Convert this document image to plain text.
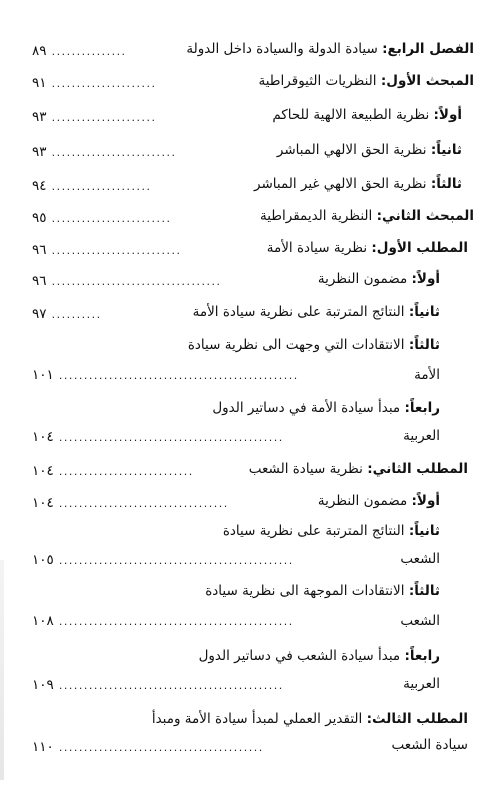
الفصل الرابع: سيادة الدولة والسيادة داخل الدولة
٨٩ ...............
المبحث الأول: النظريات الثيوقراطية
٩١ .....................
أولاً: نظرية الطبيعة الالهية للحاكم
٩٣ .....................
ثانياً: نظرية الحق الالهي المباشر
٩٣ .........................
ثالثاً: نظرية الحق الالهي غير المباشر
٩٤ ....................
المبحث الثاني: النظرية الديمقراطية
٩٥ ........................
المطلب الأول: نظرية سيادة الأمة
٩٦ ..........................
أولاً: مضمون النظرية
٩٦ ..................................
ثانياً: النتائج المترتبة على نظرية سيادة الأمة
٩٧ ..........
ثالثاً: الانتقادات التي وجهت الى نظرية سيادة
الأمة
١٠١ ................................................
رابعاً: مبدأ سيادة الأمة في دساتير الدول
العربية
١٠٤ .............................................
المطلب الثاني: نظرية سيادة الشعب
١٠٤ ...........................
أولاً: مضمون النظرية
١٠٤ ..................................
ثانياً: النتائج المترتبة على نظرية سيادة
الشعب
١٠٥ ...............................................
ثالثاً: الانتقادات الموجهة الى نظرية سيادة
الشعب
١٠٨ ...............................................
رابعاً: مبدأ سيادة الشعب في دساتير الدول
العربية
١٠٩ .............................................
المطلب الثالث: التقدير العملي لمبدأ سيادة الأمة ومبدأ
سيادة الشعب
١١٠ .........................................
